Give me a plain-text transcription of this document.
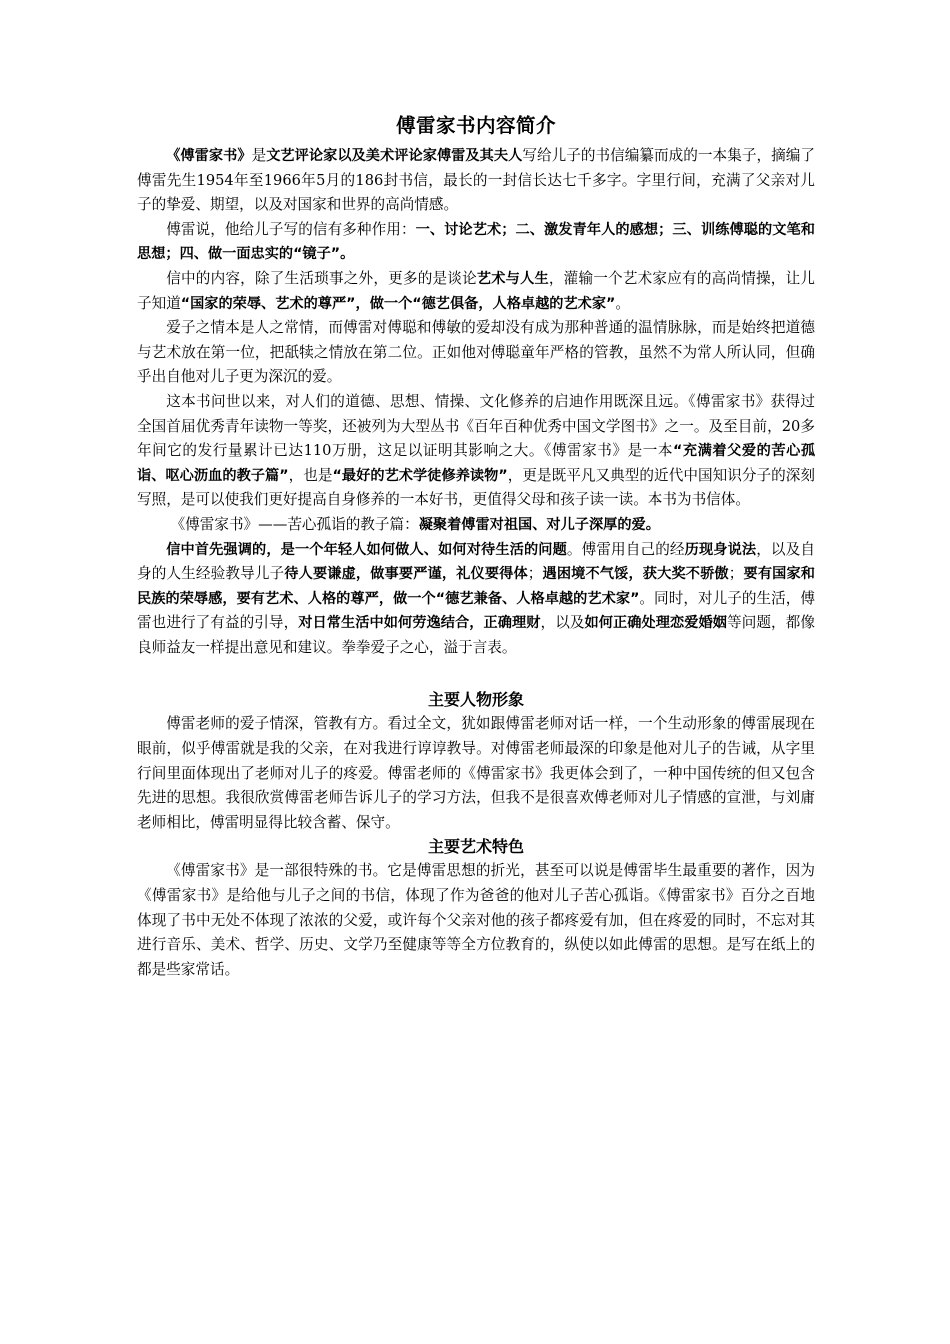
傅雷家书内容简介

《傅雷家书》是文艺评论家以及美术评论家傅雷及其夫人写给儿子的书信编纂而成的一本集子，摘编了傅雷先生1954年至1966年5月的186封书信，最长的一封信长达七千多字。字里行间，充满了父亲对儿子的挚爱、期望，以及对国家和世界的高尚情感。

傅雷说，他给儿子写的信有多种作用：一、讨论艺术；二、激发青年人的感想；三、训练傅聪的文笔和思想；四、做一面忠实的“镜子”。

信中的内容，除了生活琐事之外，更多的是谈论艺术与人生，灌输一个艺术家应有的高尚情操，让儿子知道“国家的荣辱、艺术的尊严”，做一个“德艺俱备，人格卓越的艺术家”。

爱子之情本是人之常情，而傅雷对傅聪和傅敏的爱却没有成为那种普通的温情脉脉，而是始终把道德与艺术放在第一位，把舐犊之情放在第二位。正如他对傅聪童年严格的管教，虽然不为常人所认同，但确乎出自他对儿子更为深沉的爱。

这本书问世以来，对人们的道德、思想、情操、文化修养的启迪作用既深且远。《傅雷家书》获得过全国首届优秀青年读物一等奖，还被列为大型丛书《百年百种优秀中国文学图书》之一。及至目前，20多年间它的发行量累计已达110万册，这足以证明其影响之大。《傅雷家书》是一本“充满着父爱的苦心孤诣、呕心沥血的教子篇”，也是“最好的艺术学徒修养读物”，更是既平凡又典型的近代中国知识分子的深刻写照，是可以使我们更好提高自身修养的一本好书，更值得父母和孩子读一读。本书为书信体。

《傅雷家书》——苦心孤诣的教子篇：凝聚着傅雷对祖国、对儿子深厚的爱。

信中首先强调的，是一个年轻人如何做人、如何对待生活的问题。傅雷用自己的经历现身说法，以及自身的人生经验教导儿子待人要谦虚，做事要严谨，礼仪要得体；遇困境不气馁，获大奖不骄傲；要有国家和民族的荣辱感，要有艺术、人格的尊严，做一个“德艺兼备、人格卓越的艺术家”。同时，对儿子的生活，傅雷也进行了有益的引导，对日常生活中如何劳逸结合，正确理财，以及如何正确处理恋爱婚姻等问题，都像良师益友一样提出意见和建议。拳拳爱子之心，溢于言表。

主要人物形象

傅雷老师的爱子情深，管教有方。看过全文，犹如跟傅雷老师对话一样，一个生动形象的傅雷展现在眼前，似乎傅雷就是我的父亲，在对我进行谆谆教导。对傅雷老师最深的印象是他对儿子的告诫，从字里行间里面体现出了老师对儿子的疼爱。傅雷老师的《傅雷家书》我更体会到了，一种中国传统的但又包含先进的思想。我很欣赏傅雷老师告诉儿子的学习方法，但我不是很喜欢傅老师对儿子情感的宣泄，与刘庸老师相比，傅雷明显得比较含蓄、保守。

主要艺术特色

《傅雷家书》是一部很特殊的书。它是傅雷思想的折光，甚至可以说是傅雷毕生最重要的著作，因为《傅雷家书》是给他与儿子之间的书信，体现了作为爸爸的他对儿子苦心孤诣。《傅雷家书》百分之百地体现了书中无处不体现了浓浓的父爱，或许每个父亲对他的孩子都疼爱有加，但在疼爱的同时，不忘对其进行音乐、美术、哲学、历史、文学乃至健康等等全方位教育的，纵使以如此傅雷的思想。是写在纸上的都是些家常话。
